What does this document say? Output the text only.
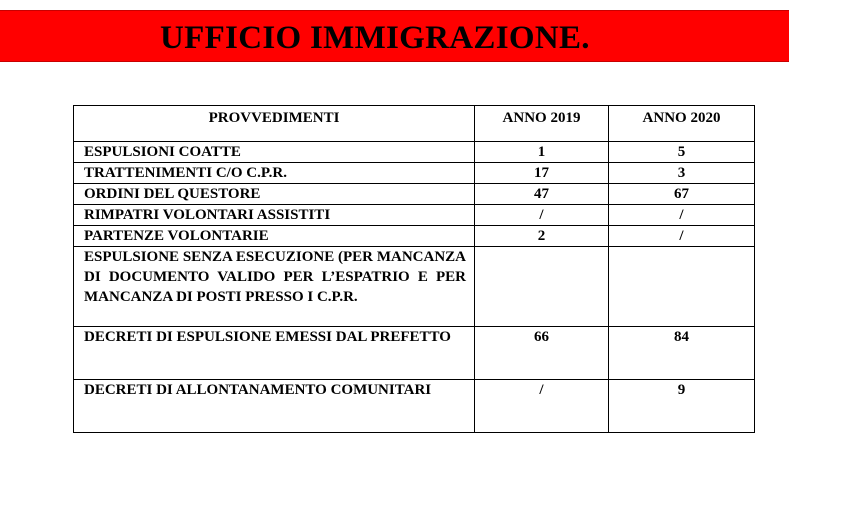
UFFICIO IMMIGRAZIONE.
PROVVEDIMENTI	ANNO 2019	ANNO 2020
ESPULSIONI COATTE	1	5
TRATTENIMENTI C/O C.P.R.	17	3
ORDINI DEL QUESTORE	47	67
RIMPATRI VOLONTARI ASSISTITI	/	/
PARTENZE VOLONTARIE	2	/
ESPULSIONE SENZA ESECUZIONE (PER MANCANZA DI DOCUMENTO VALIDO PER L’ESPATRIO E PER MANCANZA DI POSTI PRESSO I C.P.R.		
DECRETI DI ESPULSIONE EMESSI DAL PREFETTO	66	84
DECRETI DI ALLONTANAMENTO COMUNITARI	/	9
